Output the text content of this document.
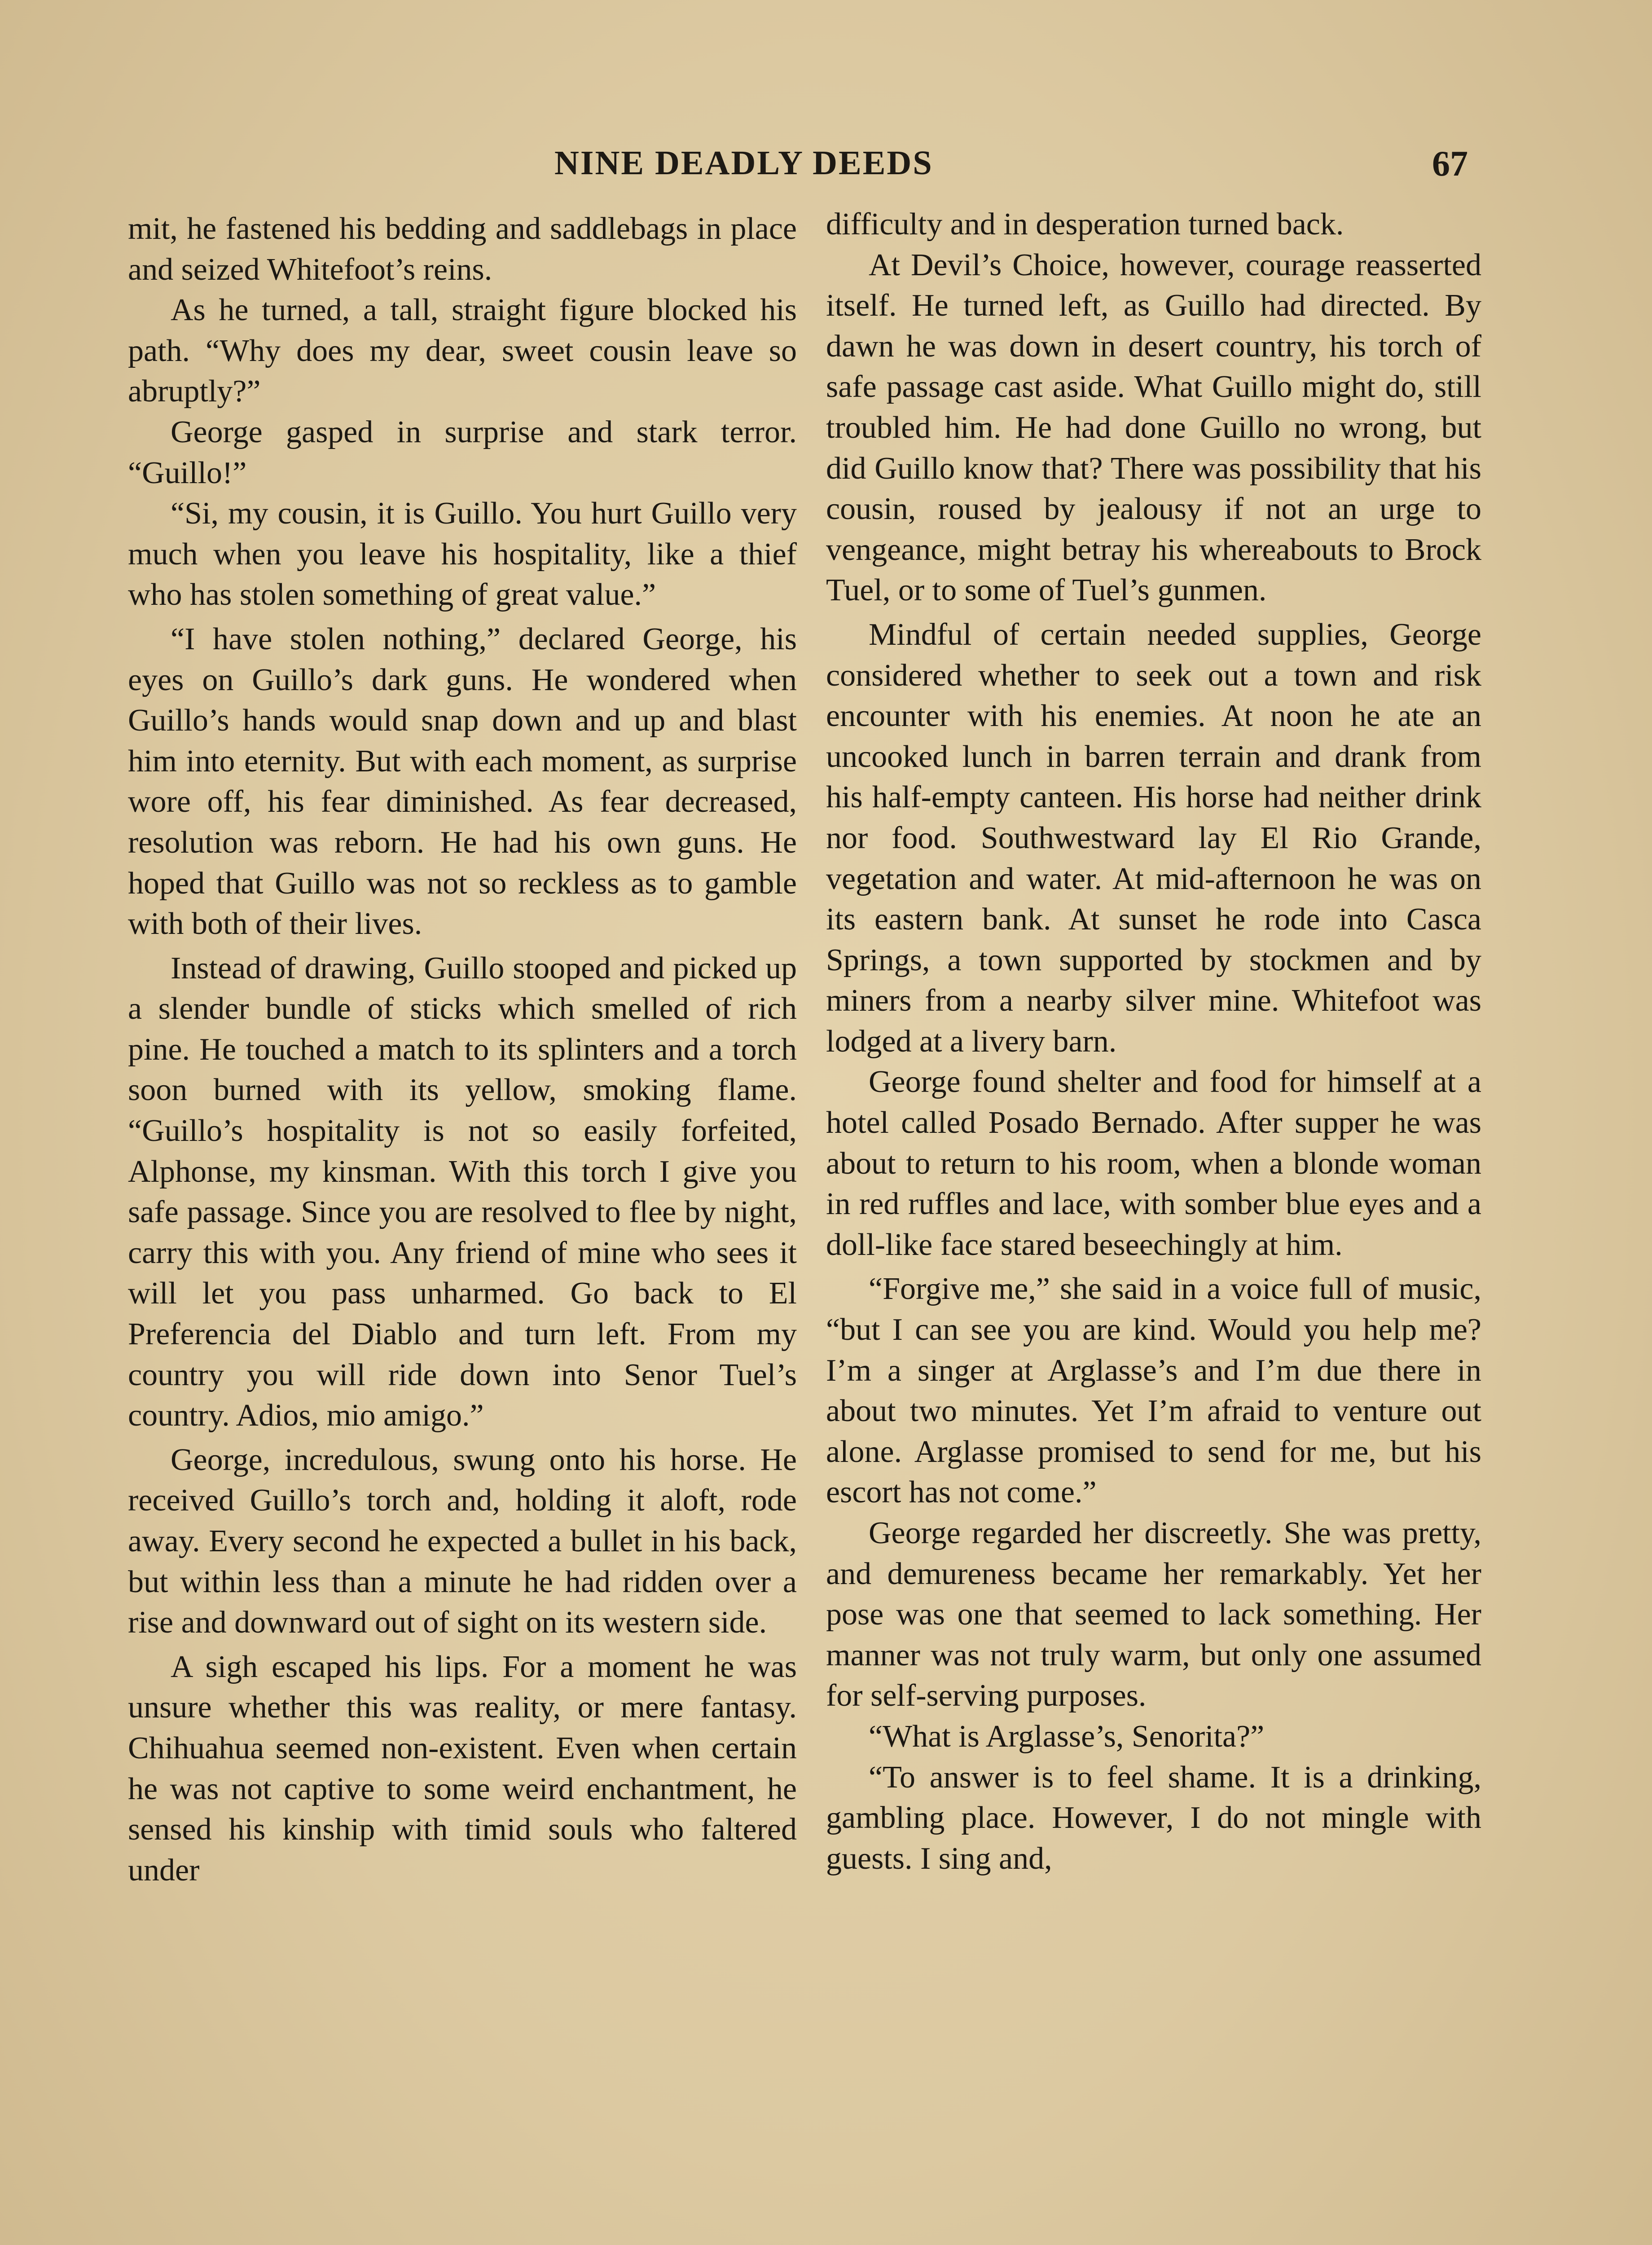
NINE DEADLY DEEDS	67

mit, he fastened his bedding and saddlebags in place and seized Whitefoot’s reins.

As he turned, a tall, straight figure blocked his path. “Why does my dear, sweet cousin leave so abruptly?”

George gasped in surprise and stark terror. “Guillo!”

“Si, my cousin, it is Guillo. You hurt Guillo very much when you leave his hospitality, like a thief who has stolen something of great value.”

“I have stolen nothing,” declared George, his eyes on Guillo’s dark guns. He wondered when Guillo’s hands would snap down and up and blast him into eternity. But with each moment, as surprise wore off, his fear diminished. As fear decreased, resolution was reborn. He had his own guns. He hoped that Guillo was not so reckless as to gamble with both of their lives.

Instead of drawing, Guillo stooped and picked up a slender bundle of sticks which smelled of rich pine. He touched a match to its splinters and a torch soon burned with its yellow, smoking flame. “Guillo’s hospitality is not so easily forfeited, Alphonse, my kinsman. With this torch I give you safe passage. Since you are resolved to flee by night, carry this with you. Any friend of mine who sees it will let you pass unharmed. Go back to El Preferencia del Diablo and turn left. From my country you will ride down into Senor Tuel’s country. Adios, mio amigo.”

George, incredulous, swung onto his horse. He received Guillo’s torch and, holding it aloft, rode away. Every second he expected a bullet in his back, but within less than a minute he had ridden over a rise and downward out of sight on its western side.

A sigh escaped his lips. For a moment he was unsure whether this was reality, or mere fantasy. Chihuahua seemed non-existent. Even when certain he was not captive to some weird enchantment, he sensed his kinship with timid souls who faltered under

difficulty and in desperation turned back.

At Devil’s Choice, however, courage reasserted itself. He turned left, as Guillo had directed. By dawn he was down in desert country, his torch of safe passage cast aside. What Guillo might do, still troubled him. He had done Guillo no wrong, but did Guillo know that? There was possibility that his cousin, roused by jealousy if not an urge to vengeance, might betray his whereabouts to Brock Tuel, or to some of Tuel’s gunmen.

Mindful of certain needed supplies, George considered whether to seek out a town and risk encounter with his enemies. At noon he ate an uncooked lunch in barren terrain and drank from his half-empty canteen. His horse had neither drink nor food. Southwestward lay El Rio Grande, vegetation and water. At mid-afternoon he was on its eastern bank. At sunset he rode into Casca Springs, a town supported by stockmen and by miners from a nearby silver mine. Whitefoot was lodged at a livery barn.

George found shelter and food for himself at a hotel called Posado Bernado. After supper he was about to return to his room, when a blonde woman in red ruffles and lace, with somber blue eyes and a doll-like face stared beseechingly at him.

“Forgive me,” she said in a voice full of music, “but I can see you are kind. Would you help me? I’m a singer at Arglasse’s and I’m due there in about two minutes. Yet I’m afraid to venture out alone. Arglasse promised to send for me, but his escort has not come.”

George regarded her discreetly. She was pretty, and demureness became her remarkably. Yet her pose was one that seemed to lack something. Her manner was not truly warm, but only one assumed for self-serving purposes.

“What is Arglasse’s, Senorita?”

“To answer is to feel shame. It is a drinking, gambling place. However, I do not mingle with guests. I sing and,
